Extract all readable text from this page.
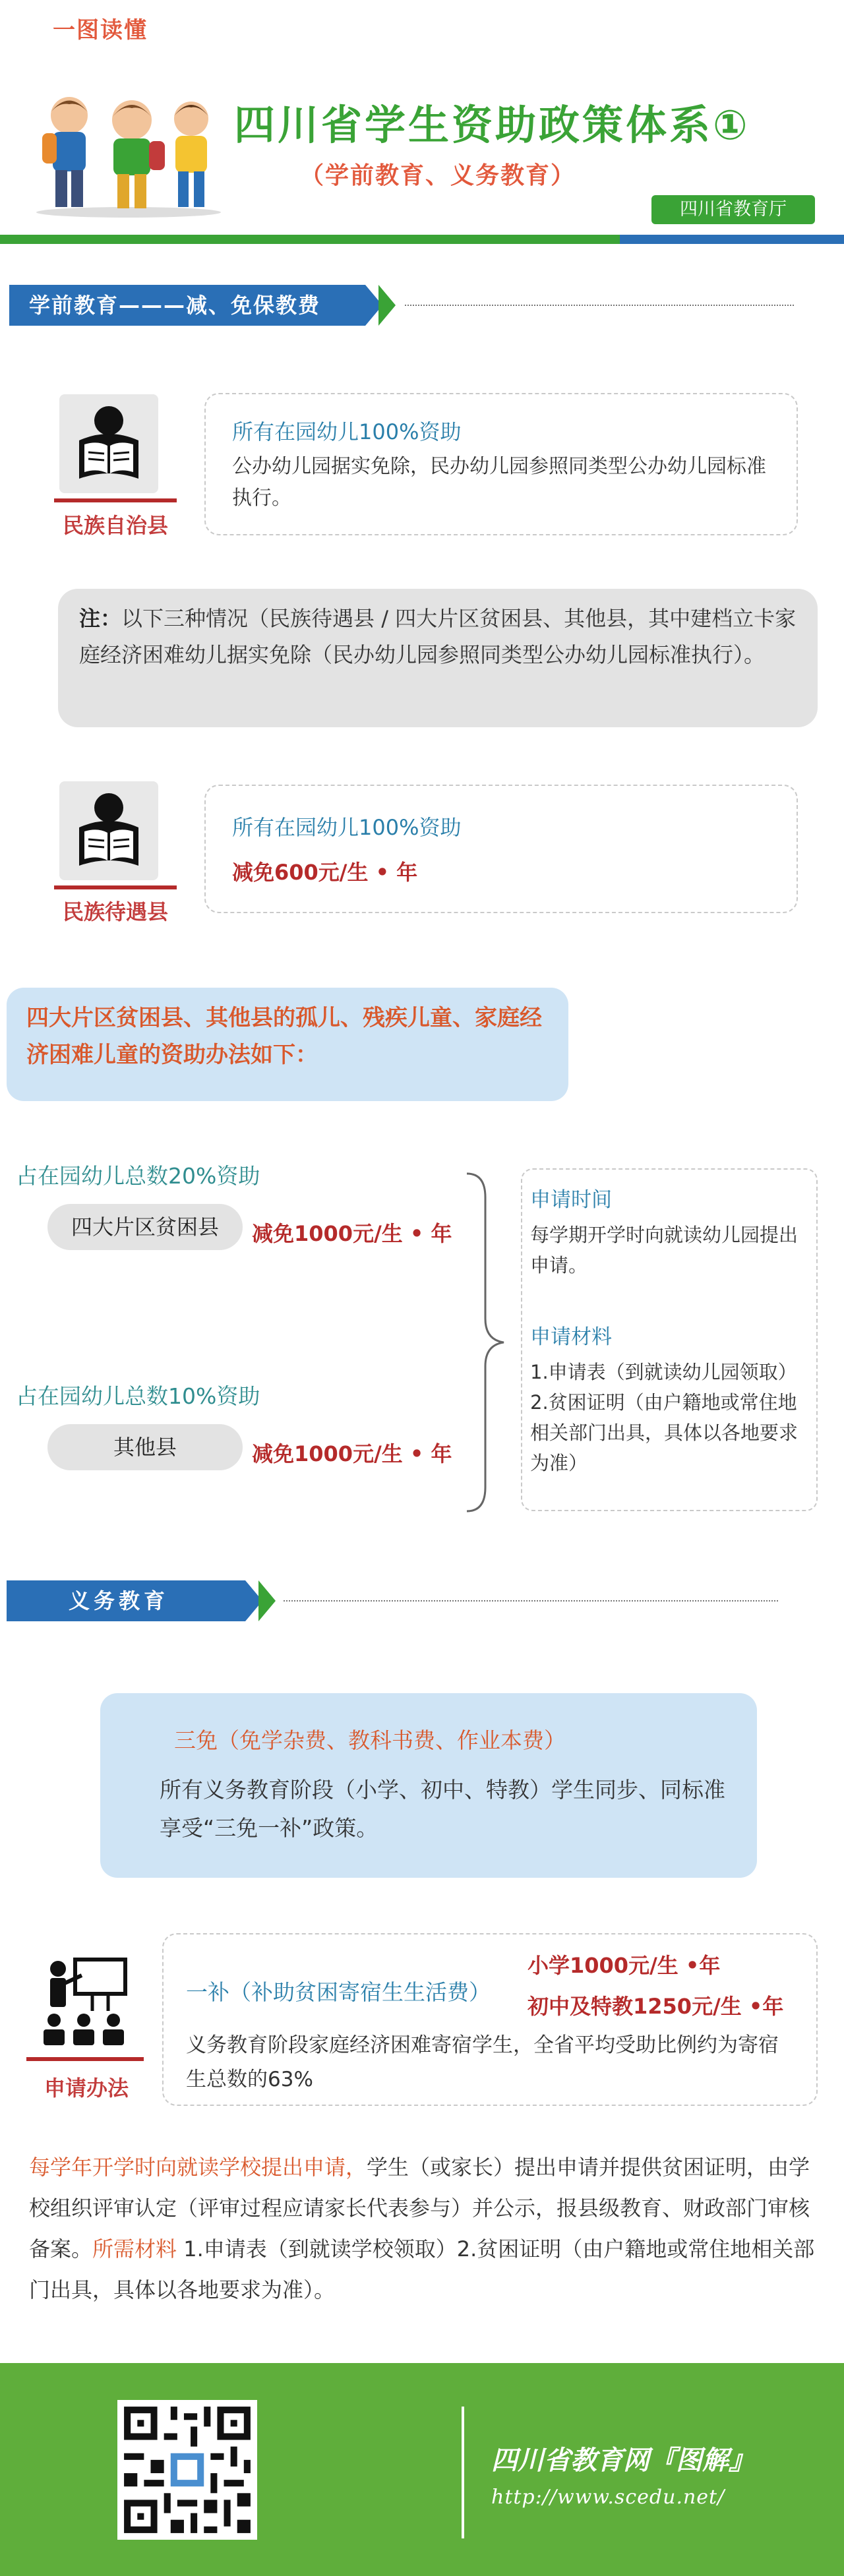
一图读懂
四川省学生资助政策体系①
（学前教育、义务教育）
四川省教育厅
学前教育———减、免保教费
民族自治县
所有在园幼儿100%资助
公办幼儿园据实免除，民办幼儿园参照同类型公办幼儿园标准执行。
注：以下三种情况（民族待遇县 / 四大片区贫困县、其他县，其中建档立卡家庭经济困难幼儿据实免除（民办幼儿园参照同类型公办幼儿园标准执行）。
民族待遇县
所有在园幼儿100%资助
减免600元/生 • 年
四大片区贫困县、其他县的孤儿、残疾儿童、家庭经济困难儿童的资助办法如下：
占在园幼儿总数20%资助
四大片区贫困县	减免1000元/生 • 年
占在园幼儿总数10%资助
其他县	减免1000元/生 • 年
申请时间
每学期开学时向就读幼儿园提出申请。
申请材料
1.申请表（到就读幼儿园领取）
2.贫困证明（由户籍地或常住地相关部门出具，具体以各地要求为准）
义务教育
三免（免学杂费、教科书费、作业本费）
所有义务教育阶段（小学、初中、特教）学生同步、同标准享受“三免一补”政策。
申请办法
一补（补助贫困寄宿生生活费）
小学1000元/生 •年
初中及特教1250元/生 •年
义务教育阶段家庭经济困难寄宿学生，全省平均受助比例约为寄宿生总数的63%
每学年开学时向就读学校提出申请，学生（或家长）提出申请并提供贫困证明，由学校组织评审认定（评审过程应请家长代表参与）并公示，报县级教育、财政部门审核备案。所需材料 1.申请表（到就读学校领取）2.贫困证明（由户籍地或常住地相关部门出具，具体以各地要求为准）。
四川省教育网『图解』
http://www.scedu.net/
